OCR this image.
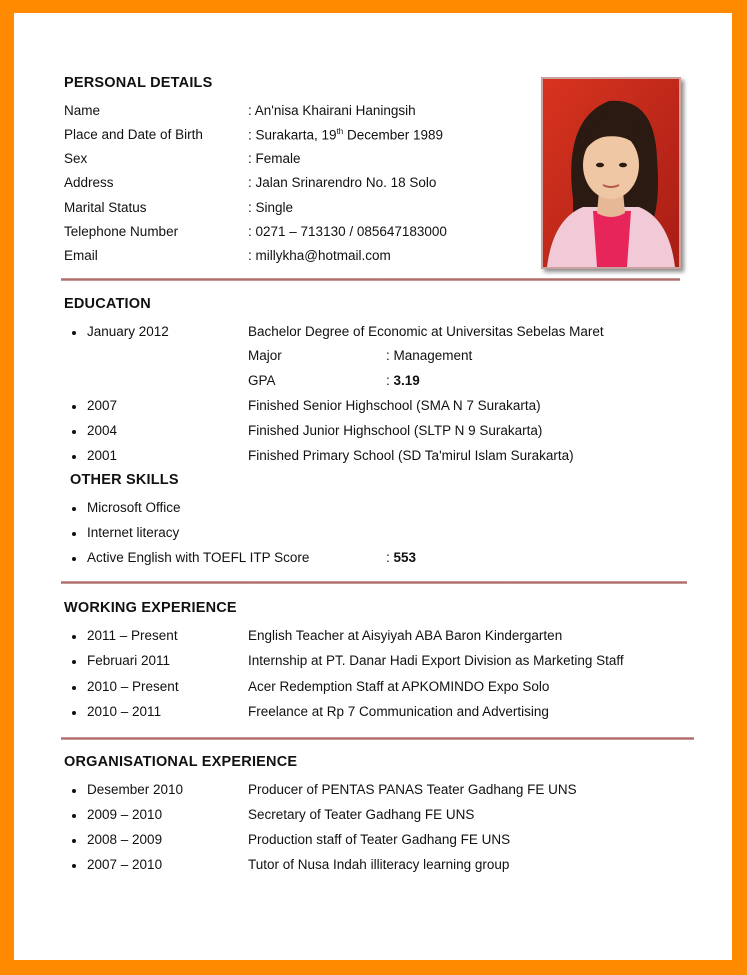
PERSONAL DETAILS
Name	: An'nisa Khairani Haningsih
Place and Date of Birth	: Surakarta, 19th December 1989
Sex	: Female
Address	: Jalan Srinarendro No. 18 Solo
Marital Status	: Single
Telephone Number	: 0271 – 713130 / 085647183000
Email	: millykha@hotmail.com
EDUCATION
January 2012	Bachelor Degree of Economic at Universitas Sebelas Maret
Major	: Management
GPA	: 3.19
2007	Finished Senior Highschool (SMA N 7 Surakarta)
2004	Finished Junior Highschool (SLTP N 9 Surakarta)
2001	Finished Primary School (SD Ta'mirul Islam Surakarta)
OTHER SKILLS
Microsoft Office
Internet literacy
Active English with TOEFL ITP Score	: 553
WORKING EXPERIENCE
2011 – Present	English Teacher at Aisyiyah ABA Baron Kindergarten
Februari 2011	Internship at PT. Danar Hadi Export Division as Marketing Staff
2010 – Present	Acer Redemption Staff at APKOMINDO Expo Solo
2010 – 2011	Freelance at Rp 7 Communication and Advertising
ORGANISATIONAL EXPERIENCE
Desember 2010	Producer of PENTAS PANAS Teater Gadhang FE UNS
2009 – 2010	Secretary of Teater Gadhang FE UNS
2008 – 2009	Production staff of Teater Gadhang FE UNS
2007 – 2010	Tutor of Nusa Indah illiteracy learning group
